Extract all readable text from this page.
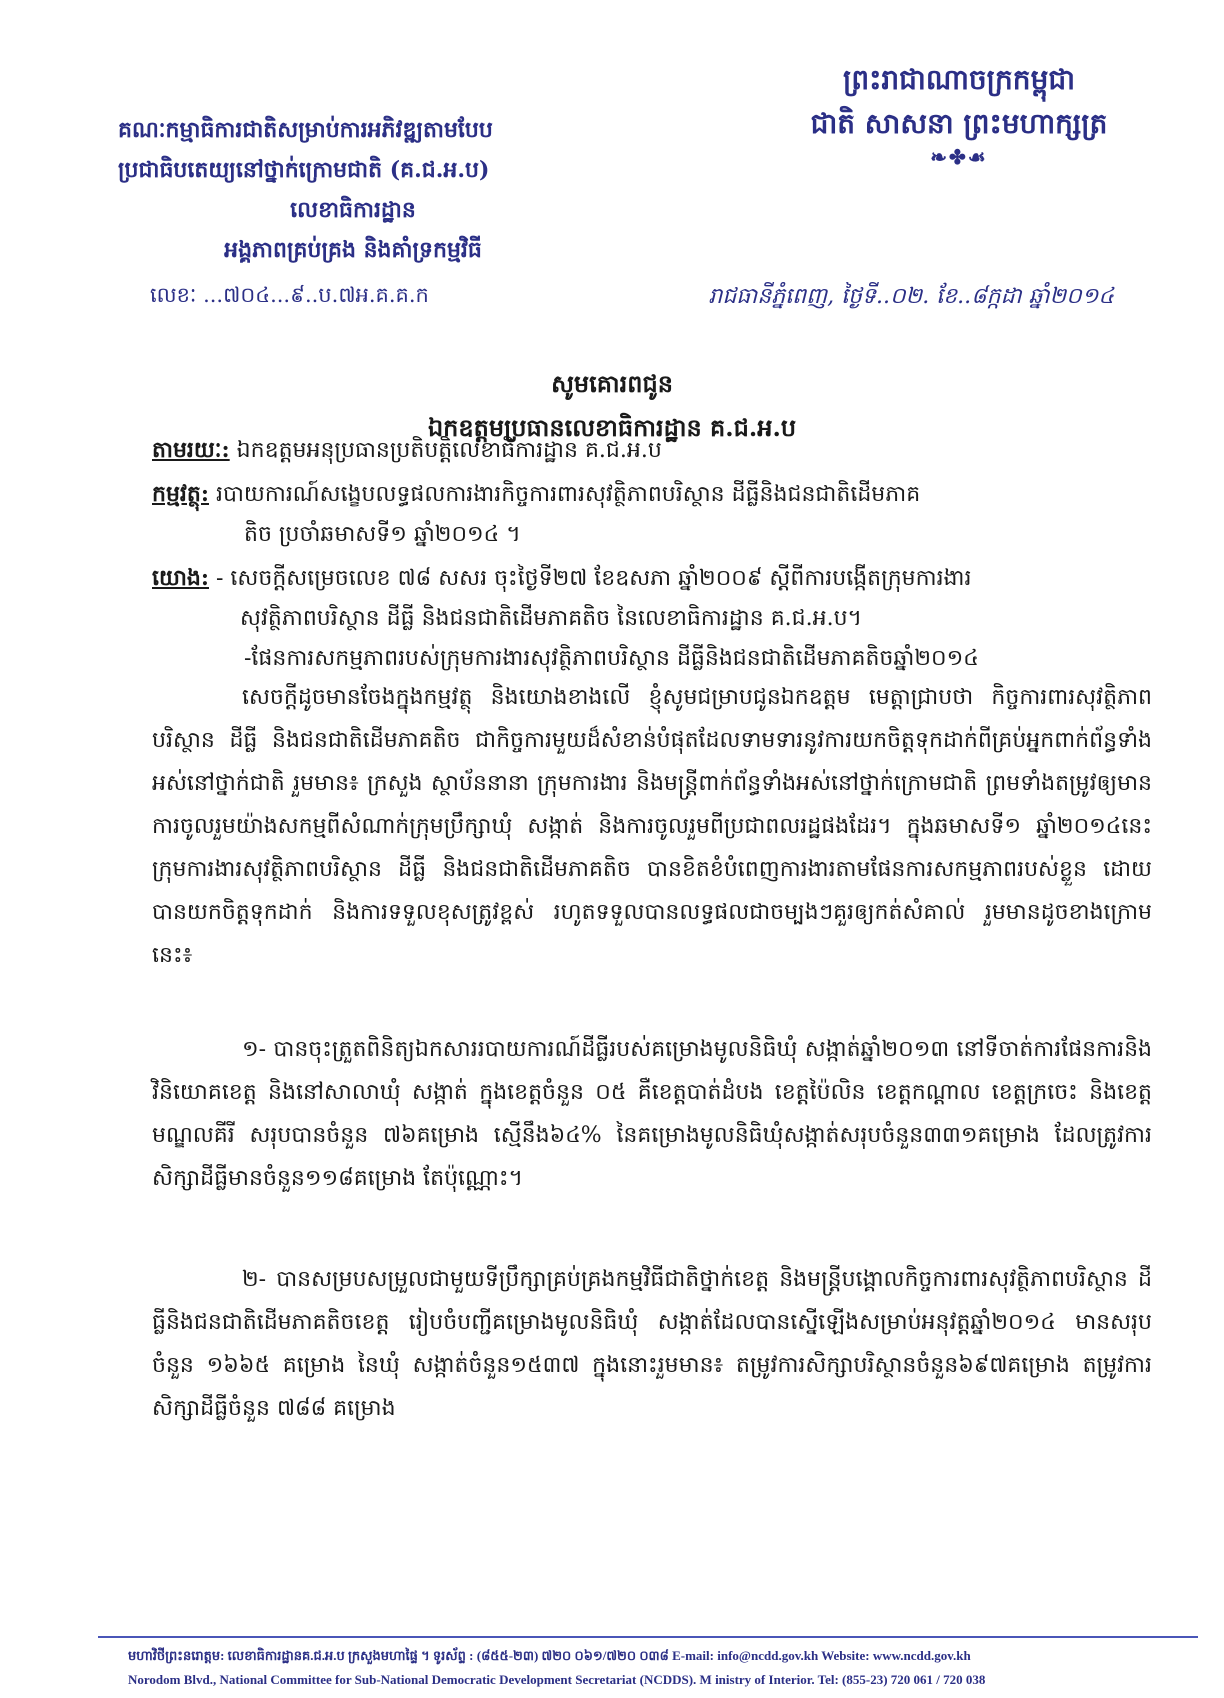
ព្រះរាជាណាចក្រកម្ពុជា
ជាតិ សាសនា ព្រះមហាក្សត្រ
❧✤☙
គណៈកម្មាធិការជាតិសម្រាប់ការអភិវឌ្ឍតាមបែប
ប្រជាធិបតេយ្យនៅថ្នាក់ក្រោមជាតិ (គ.ជ.អ.ប)
លេខាធិការដ្ឋាន
អង្គភាពគ្រប់គ្រង និងគាំទ្រកម្មវិធី
លេខៈ ...៧០៤...៩..ប.៧អ.គ.គ.ក	រាជធានីភ្នំពេញ, ថ្ងៃទី..០២. ខែ..៨ក្កដា ឆ្នាំ២០១៤
សូមគោរពជូន
ឯកឧត្តមប្រធានលេខាធិការដ្ឋាន គ.ជ.អ.ប
តាមរយៈ: ឯកឧត្តមអនុប្រធានប្រតិបត្តិលេខាធិការដ្ឋាន គ.ជ.អ.ប
កម្មវត្ថុ: របាយការណ៍សង្ខេបលទ្ធផលការងារកិច្ចការពារសុវត្ថិភាពបរិស្ថាន ដីធ្លីនិងជនជាតិដើមភាគ
តិច ប្រចាំឆមាសទី១ ឆ្នាំ២០១៤ ។
យោង: - សេចក្តីសម្រេចលេខ ៧៨ សសរ ចុះថ្ងៃទី២៧ ខែឧសភា ឆ្នាំ២០០៩ ស្តីពីការបង្កើតក្រុមការងារ
សុវត្ថិភាពបរិស្ថាន ដីធ្លី និងជនជាតិដើមភាគតិច នៃលេខាធិការដ្ឋាន គ.ជ.អ.ប។
-ផែនការសកម្មភាពរបស់ក្រុមការងារសុវត្ថិភាពបរិស្ថាន ដីធ្លីនិងជនជាតិដើមភាគតិចឆ្នាំ២០១៤

សេចក្តីដូចមានចែងក្នុងកម្មវត្ថុ និងយោងខាងលើ ខ្ញុំសូមជម្រាបជូនឯកឧត្តម មេត្តាជ្រាបថា កិច្ចការពារសុវត្ថិភាពបរិស្ថាន ដីធ្លី និងជនជាតិដើមភាគតិច ជាកិច្ចការមួយដ៏សំខាន់បំផុតដែលទាមទារនូវការយកចិត្តទុកដាក់ពីគ្រប់អ្នកពាក់ព័ន្ធទាំងអស់នៅថ្នាក់ជាតិ រួមមាន៖ ក្រសួង ស្ថាប័ននានា ក្រុមការងារ និងមន្ត្រីពាក់ព័ន្ធទាំងអស់នៅថ្នាក់ក្រោមជាតិ ព្រមទាំងតម្រូវឲ្យមានការចូលរួមយ៉ាងសកម្មពីសំណាក់ក្រុមប្រឹក្សាឃុំ សង្កាត់ និងការចូលរួមពីប្រជាពលរដ្ឋផងដែរ។ ក្នុងឆមាសទី១ ឆ្នាំ២០១៤នេះ ក្រុមការងារសុវត្ថិភាពបរិស្ថាន ដីធ្លី និងជនជាតិដើមភាគតិច បានខិតខំបំពេញការងារតាមផែនការសកម្មភាពរបស់ខ្លួន ដោយបានយកចិត្តទុកដាក់ និងការទទួលខុសត្រូវខ្ពស់ រហូតទទួលបានលទ្ធផលជាចម្បងៗគួរឲ្យកត់សំគាល់ រួមមានដូចខាងក្រោមនេះ៖

១- បានចុះត្រួតពិនិត្យឯកសាររបាយការណ៍ដីធ្លីរបស់គម្រោងមូលនិធិឃុំ សង្កាត់ឆ្នាំ២០១៣ នៅទីចាត់ការផែនការនិងវិនិយោគខេត្ត និងនៅសាលាឃុំ សង្កាត់ ក្នុងខេត្តចំនួន ០៥ គឺខេត្តបាត់ដំបង ខេត្តប៉ៃលិន ខេត្តកណ្តាល ខេត្តក្រចេះ និងខេត្តមណ្ឌលគីរី សរុបបានចំនួន ៧៦គម្រោង ស្មើនឹង៦៤% នៃគម្រោងមូលនិធិឃុំសង្កាត់សរុបចំនួន៣៣១គម្រោង ដែលត្រូវការសិក្សាដីធ្លីមានចំនួន១១៨គម្រោង តែប៉ុណ្ណោះ។

២- បានសម្របសម្រួលជាមួយទីប្រឹក្សាគ្រប់គ្រងកម្មវិធីជាតិថ្នាក់ខេត្ត និងមន្ត្រីបង្គោលកិច្ចការពារសុវត្ថិភាពបរិស្ថាន ដីធ្លីនិងជនជាតិដើមភាគតិចខេត្ត រៀបចំបញ្ជីគម្រោងមូលនិធិឃុំ សង្កាត់ដែលបានស្នើឡើងសម្រាប់អនុវត្តឆ្នាំ២០១៤ មានសរុបចំនួន ១៦៦៥ គម្រោង នៃឃុំ សង្កាត់ចំនួន១៥៣៧ ក្នុងនោះរួមមាន៖ តម្រូវការសិក្សាបរិស្ថានចំនួន៦៩៧គម្រោង តម្រូវការសិក្សាដីធ្លីចំនួន ៧៨៨ គម្រោង

មហាវិថីព្រះនរោត្តម: លេខាធិការដ្ឋានគ.ជ.អ.ប ក្រសួងមហាផ្ទៃ ។ ទូរស័ព្ទ : (៨៥៥-២៣) ៧២០ ០៦១/៧២០ ០៣៨ E-mail: info@ncdd.gov.kh Website: www.ncdd.gov.kh
Norodom Blvd., National Committee for Sub-National Democratic Development Secretariat (NCDDS). M inistry of Interior. Tel: (855-23) 720 061 / 720 038
